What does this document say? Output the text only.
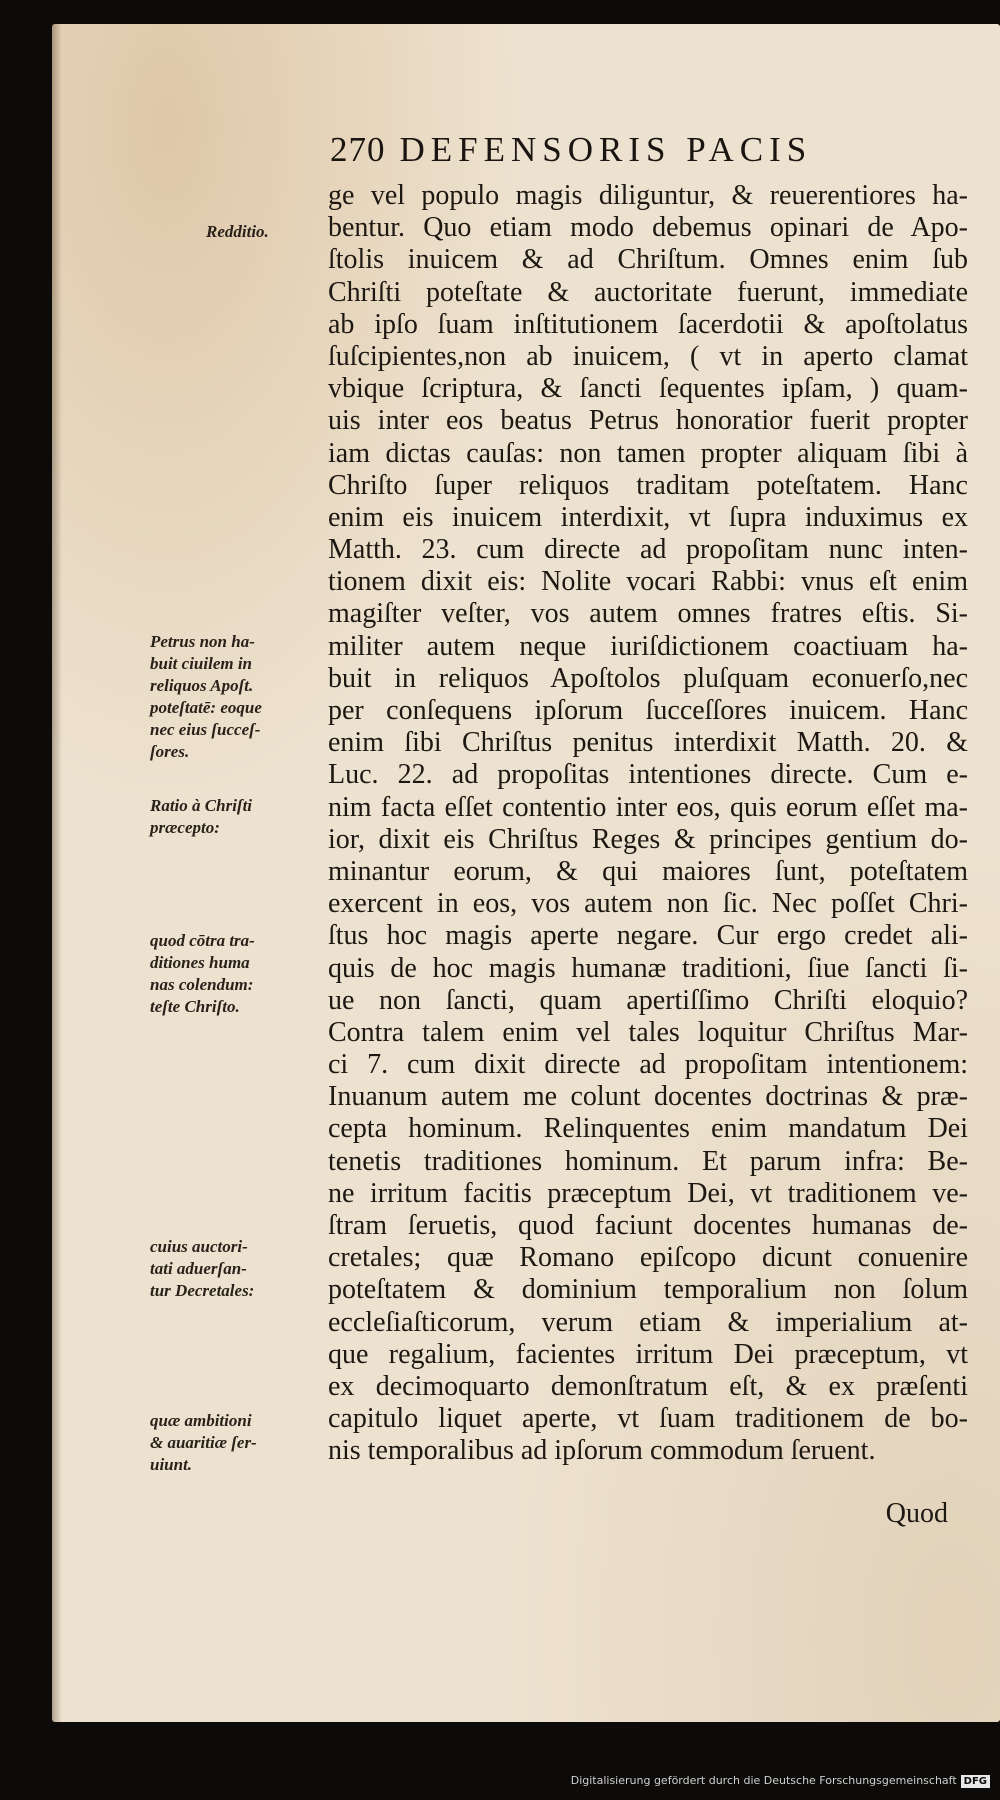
270 DEFENSORIS PACIS
ge vel populo magis diliguntur, & reuerentiores ha-
bentur. Quo etiam modo debemus opinari de Apo-
ſtolis inuicem & ad Chriſtum. Omnes enim ſub
Chriſti poteſtate & auctoritate fuerunt, immediate
ab ipſo ſuam inſtitutionem ſacerdotii & apoſtolatus
ſuſcipientes,non ab inuicem, ( vt in aperto clamat
vbique ſcriptura, & ſancti ſequentes ipſam, ) quam-
uis inter eos beatus Petrus honoratior fuerit propter
iam dictas cauſas: non tamen propter aliquam ſibi à
Chriſto ſuper reliquos traditam poteſtatem. Hanc
enim eis inuicem interdixit, vt ſupra induximus ex
Matth. 23. cum directe ad propoſitam nunc inten-
tionem dixit eis: Nolite vocari Rabbi: vnus eſt enim
magiſter veſter, vos autem omnes fratres eſtis. Si-
militer autem neque iuriſdictionem coactiuam ha-
buit in reliquos Apoſtolos pluſquam econuerſo,nec
per conſequens ipſorum ſucceſſores inuicem. Hanc
enim ſibi Chriſtus penitus interdixit Matth. 20. &
Luc. 22. ad propoſitas intentiones directe. Cum e-
nim facta eſſet contentio inter eos, quis eorum eſſet ma-
ior, dixit eis Chriſtus Reges & principes gentium do-
minantur eorum, & qui maiores ſunt, poteſtatem
exercent in eos, vos autem non ſic. Nec poſſet Chri-
ſtus hoc magis aperte negare. Cur ergo credet ali-
quis de hoc magis humanæ traditioni, ſiue ſancti ſi-
ue non ſancti, quam apertiſſimo Chriſti eloquio?
Contra talem enim vel tales loquitur Chriſtus Mar-
ci 7. cum dixit directe ad propoſitam intentionem:
Inuanum autem me colunt docentes doctrinas & præ-
cepta hominum. Relinquentes enim mandatum Dei
tenetis traditiones hominum. Et parum infra: Be-
ne irritum facitis præceptum Dei, vt traditionem ve-
ſtram ſeruetis, quod faciunt docentes humanas de-
cretales; quæ Romano epiſcopo dicunt conuenire
poteſtatem & dominium temporalium non ſolum
eccleſiaſticorum, verum etiam & imperialium at-
que regalium, facientes irritum Dei præceptum, vt
ex decimoquarto demonſtratum eſt, & ex præſenti
capitulo liquet aperte, vt ſuam traditionem de bo-
nis temporalibus ad ipſorum commodum ſeruent.
Quod
Redditio.
Petrus non ha-
buit ciuilem in
reliquos Apoſt.
poteſtatē: eoque
nec eius ſucceſ-
ſores.
Ratio à Chriſti
præcepto:
quod cōtra tra-
ditiones huma
nas colendum:
teſte Chriſto.
cuius auctori-
tati aduerſan-
tur Decretales:
quæ ambitioni
& auaritiæ ſer-
uiunt.
Digitalisierung gefördert durch die Deutsche Forschungsgemeinschaft DFG
